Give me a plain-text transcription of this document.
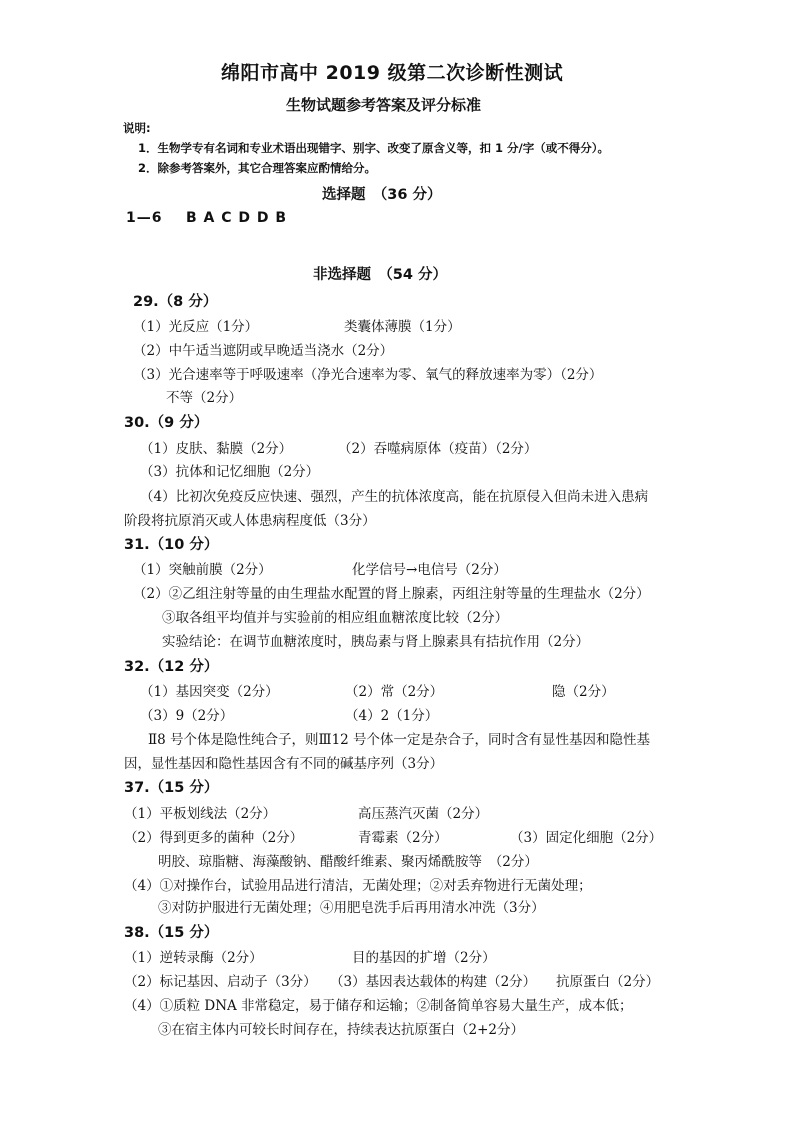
绵阳市高中 2019 级第二次诊断性测试
生物试题参考答案及评分标准
说明:
1．生物学专有名词和专业术语出现错字、别字、改变了原含义等，扣 1 分/字（或不得分）。
2．除参考答案外，其它合理答案应酌情给分。
选择题　（36 分）
1—6 B A C D D B
非选择题　（54 分）
29.（8 分）
（1）光反应（1分）	类囊体薄膜（1分）
（2）中午适当遮阴或早晚适当浇水（2分）
（3）光合速率等于呼吸速率（净光合速率为零、氧气的释放速率为零）（2分）
不等（2分）
30.（9 分）
（1）皮肤、黏膜（2分）	（2）吞噬病原体（疫苗）（2分）
（3）抗体和记忆细胞（2分）
（4）比初次免疫反应快速、强烈，产生的抗体浓度高，能在抗原侵入但尚未进入患病
阶段将抗原消灭或人体患病程度低（3分）
31.（10 分）
（1）突触前膜（2分）	化学信号→电信号（2分）
（2）②乙组注射等量的由生理盐水配置的肾上腺素，丙组注射等量的生理盐水（2分）
③取各组平均值并与实验前的相应组血糖浓度比较（2分）
实验结论：在调节血糖浓度时，胰岛素与肾上腺素具有拮抗作用（2分）
32.（12 分）
（1）基因突变（2分）	（2）常（2分）	隐（2分）
（3）9（2分）	（4）2（1分）
Ⅱ8 号个体是隐性纯合子，则Ⅲ12 号个体一定是杂合子，同时含有显性基因和隐性基
因，显性基因和隐性基因含有不同的碱基序列（3分）
37.（15 分）
（1）平板划线法（2分）	高压蒸汽灭菌（2分）
（2）得到更多的菌种（2分）	青霉素（2分）	（3）固定化细胞（2分）
明胶、琼脂糖、海藻酸钠、醋酸纤维素、聚丙烯酰胺等　（2分）
（4）①对操作台，试验用品进行清洁，无菌处理；②对丢弃物进行无菌处理；
③对防护服进行无菌处理；④用肥皂洗手后再用清水冲洗（3分）
38.（15 分）
（1）逆转录酶（2分）	目的基因的扩增（2分）
（2）标记基因、启动子（3分） （3）基因表达载体的构建（2分） 抗原蛋白（2分）
（4）①质粒 DNA 非常稳定，易于储存和运输；②制备简单容易大量生产，成本低；
③在宿主体内可较长时间存在，持续表达抗原蛋白（2+2分）
